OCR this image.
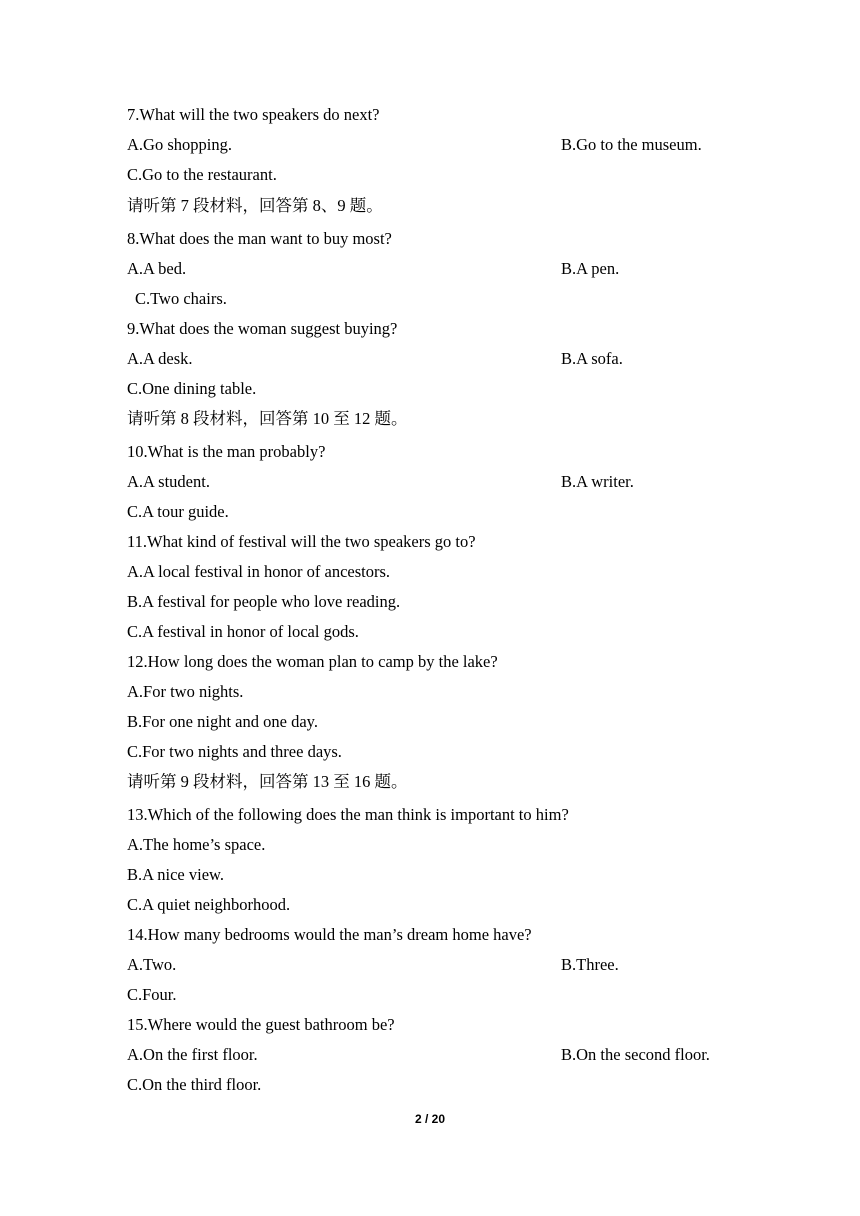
7.What will the two speakers do next?
A.Go shopping.	B.Go to the museum.
C.Go to the restaurant.
请听第 7 段材料，回答第 8、9 题。
8.What does the man want to buy most?
A.A bed.	B.A pen.
C.Two chairs.
9.What does the woman suggest buying?
A.A desk.	B.A sofa.
C.One dining table.
请听第 8 段材料，回答第 10 至 12 题。
10.What is the man probably?
A.A student.	B.A writer.
C.A tour guide.
11.What kind of festival will the two speakers go to?
A.A local festival in honor of ancestors.
B.A festival for people who love reading.
C.A festival in honor of local gods.
12.How long does the woman plan to camp by the lake?
A.For two nights.
B.For one night and one day.
C.For two nights and three days.
请听第 9 段材料，回答第 13 至 16 题。
13.Which of the following does the man think is important to him?
A.The home’s space.
B.A nice view.
C.A quiet neighborhood.
14.How many bedrooms would the man’s dream home have?
A.Two.	B.Three.
C.Four.
15.Where would the guest bathroom be?
A.On the first floor.	B.On the second floor.
C.On the third floor.
2 / 20
